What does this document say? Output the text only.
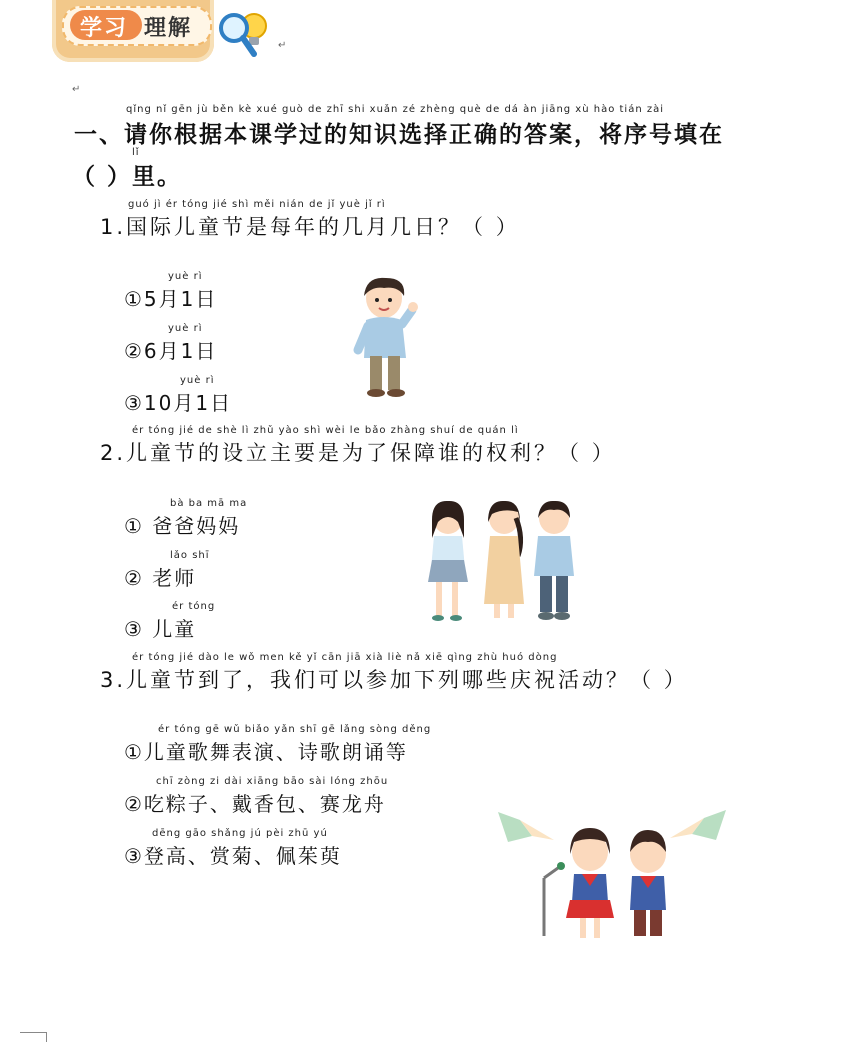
学习 理解
↵
↵
qǐng nǐ gēn jù běn kè xué guò de zhī shi xuǎn zé zhèng què de dá àn jiāng xù hào tián zài
一、请你根据本课学过的知识选择正确的答案，将序号填在
lǐ
（ ）里。
guó jì ér tóng jié shì měi nián de jǐ yuè jǐ rì
1.国际儿童节是每年的几月几日？（ ）
yuè rì
①5月1日
yuè rì
②6月1日
yuè rì
③10月1日
ér tóng jié de shè lì zhǔ yào shì wèi le bǎo zhàng shuí de quán lì
2.儿童节的设立主要是为了保障谁的权利？（ ）
bà ba mā ma
① 爸爸妈妈
lǎo shī
② 老师
ér tóng
③ 儿童
ér tóng jié dào le wǒ men kě yǐ cān jiā xià liè nǎ xiē qìng zhù huó dòng
3.儿童节到了，我们可以参加下列哪些庆祝活动？（ ）
ér tóng gē wǔ biǎo yǎn shī gē lǎng sòng děng
①儿童歌舞表演、诗歌朗诵等
chī zòng zi dài xiāng bāo sài lóng zhōu
②吃粽子、戴香包、赛龙舟
dēng gāo shǎng jú pèi zhū yú
③登高、赏菊、佩茱萸
